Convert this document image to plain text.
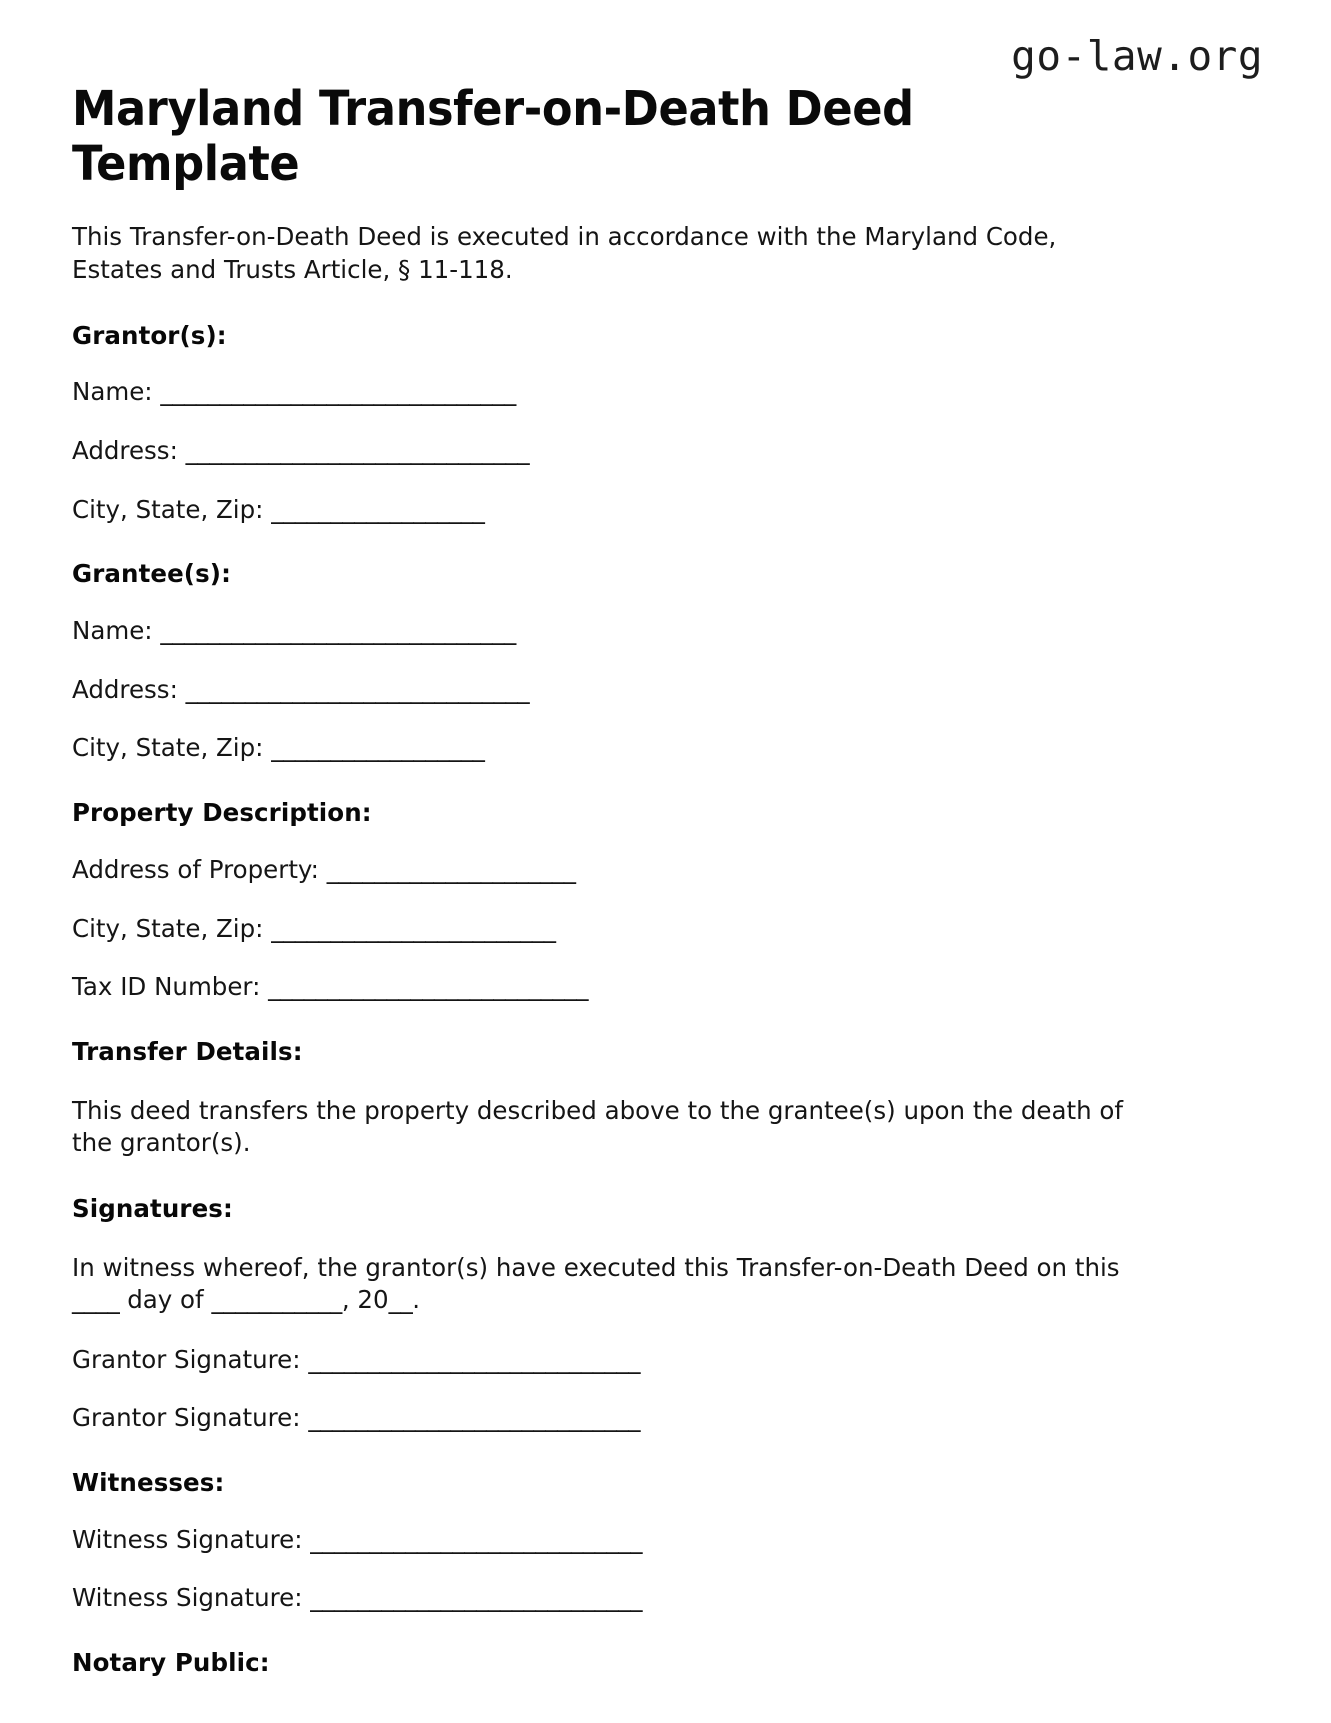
go-law.org
Maryland Transfer-on-Death Deed Template

This Transfer-on-Death Deed is executed in accordance with the Maryland Code, Estates and Trusts Article, § 11-118.

Grantor(s):

Name: ______________________________

Address: _____________________________

City, State, Zip: __________________

Grantee(s):

Name: ______________________________

Address: _____________________________

City, State, Zip: __________________

Property Description:

Address of Property: _____________________

City, State, Zip: ________________________

Tax ID Number: ___________________________

Transfer Details:

This deed transfers the property described above to the grantee(s) upon the death of the grantor(s).

Signatures:

In witness whereof, the grantor(s) have executed this Transfer-on-Death Deed on this ____ day of ___________, 20__.

Grantor Signature: ____________________________

Grantor Signature: ____________________________

Witnesses:

Witness Signature: ____________________________

Witness Signature: ____________________________

Notary Public:
